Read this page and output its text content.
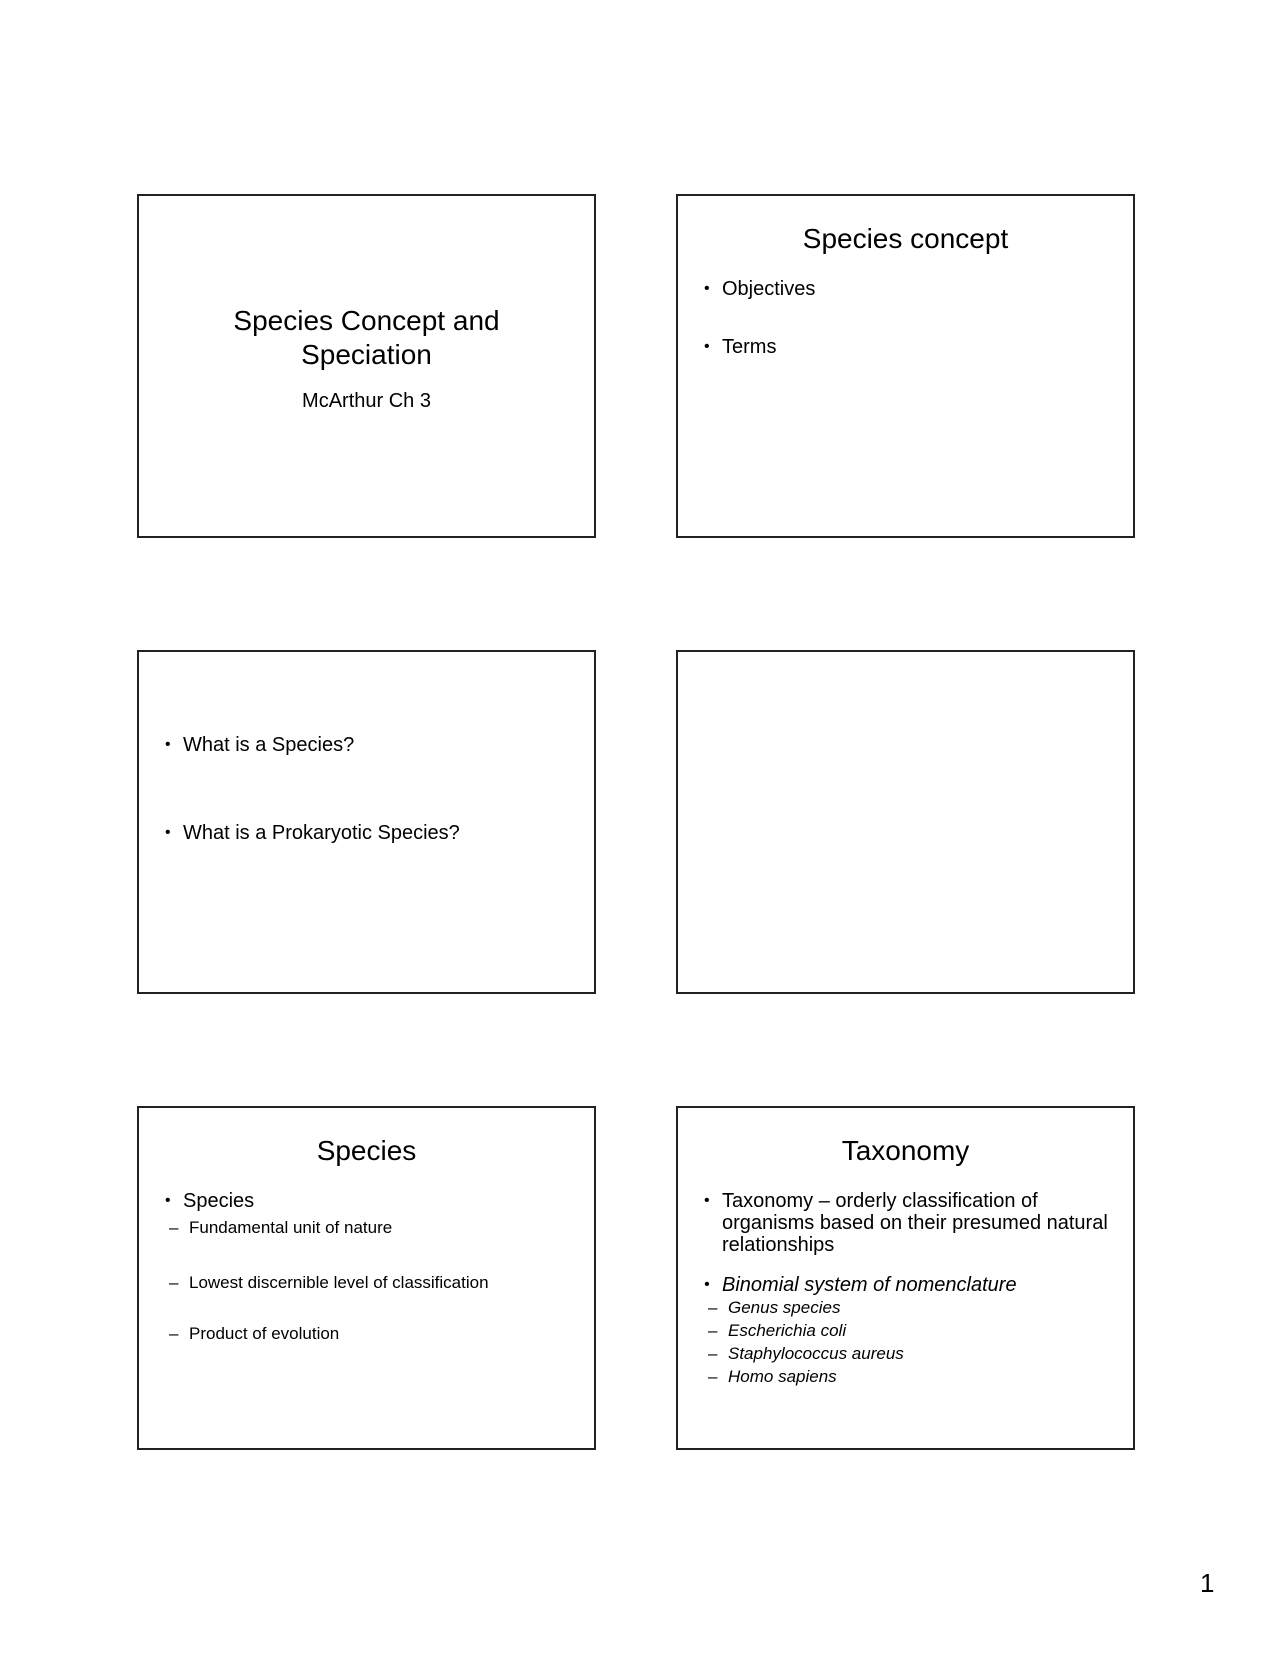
Species Concept and Speciation
McArthur Ch 3
Species concept
• Objectives
• Terms
• What is a Species?
• What is a Prokaryotic Species?
Species
• Species
– Fundamental unit of nature
– Lowest discernible level of classification
– Product of evolution
Taxonomy
• Taxonomy – orderly classification of organisms based on their presumed natural relationships
• Binomial system of nomenclature
– Genus species
– Escherichia coli
– Staphylococcus aureus
– Homo sapiens
1
